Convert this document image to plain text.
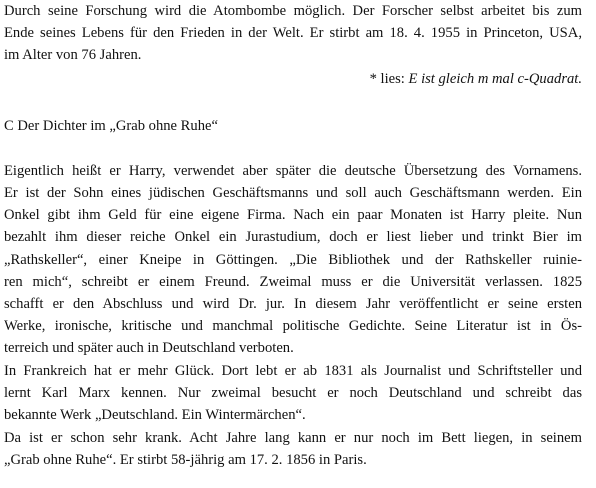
Durch seine Forschung wird die Atombombe möglich. Der Forscher selbst arbeitet bis zum
Ende seines Lebens für den Frieden in der Welt. Er stirbt am 18. 4. 1955 in Princeton, USA,
im Alter von 76 Jahren.
* lies: E ist gleich m mal c-Quadrat.
C Der Dichter im „Grab ohne Ruhe“
Eigentlich heißt er Harry, verwendet aber später die deutsche Übersetzung des Vornamens.
Er ist der Sohn eines jüdischen Geschäftsmanns und soll auch Geschäftsmann werden. Ein
Onkel gibt ihm Geld für eine eigene Firma. Nach ein paar Monaten ist Harry pleite. Nun
bezahlt ihm dieser reiche Onkel ein Jurastudium, doch er liest lieber und trinkt Bier im
„Rathskeller“, einer Kneipe in Göttingen. „Die Bibliothek und der Rathskeller ruinie-
ren mich“, schreibt er einem Freund. Zweimal muss er die Universität verlassen. 1825
schafft er den Abschluss und wird Dr. jur. In diesem Jahr veröffentlicht er seine ersten
Werke, ironische, kritische und manchmal politische Gedichte. Seine Literatur ist in Ös-
terreich und später auch in Deutschland verboten.
In Frankreich hat er mehr Glück. Dort lebt er ab 1831 als Journalist und Schriftsteller und
lernt Karl Marx kennen. Nur zweimal besucht er noch Deutschland und schreibt das
bekannte Werk „Deutschland. Ein Wintermärchen“.
Da ist er schon sehr krank. Acht Jahre lang kann er nur noch im Bett liegen, in seinem
„Grab ohne Ruhe“. Er stirbt 58-jährig am 17. 2. 1856 in Paris.
